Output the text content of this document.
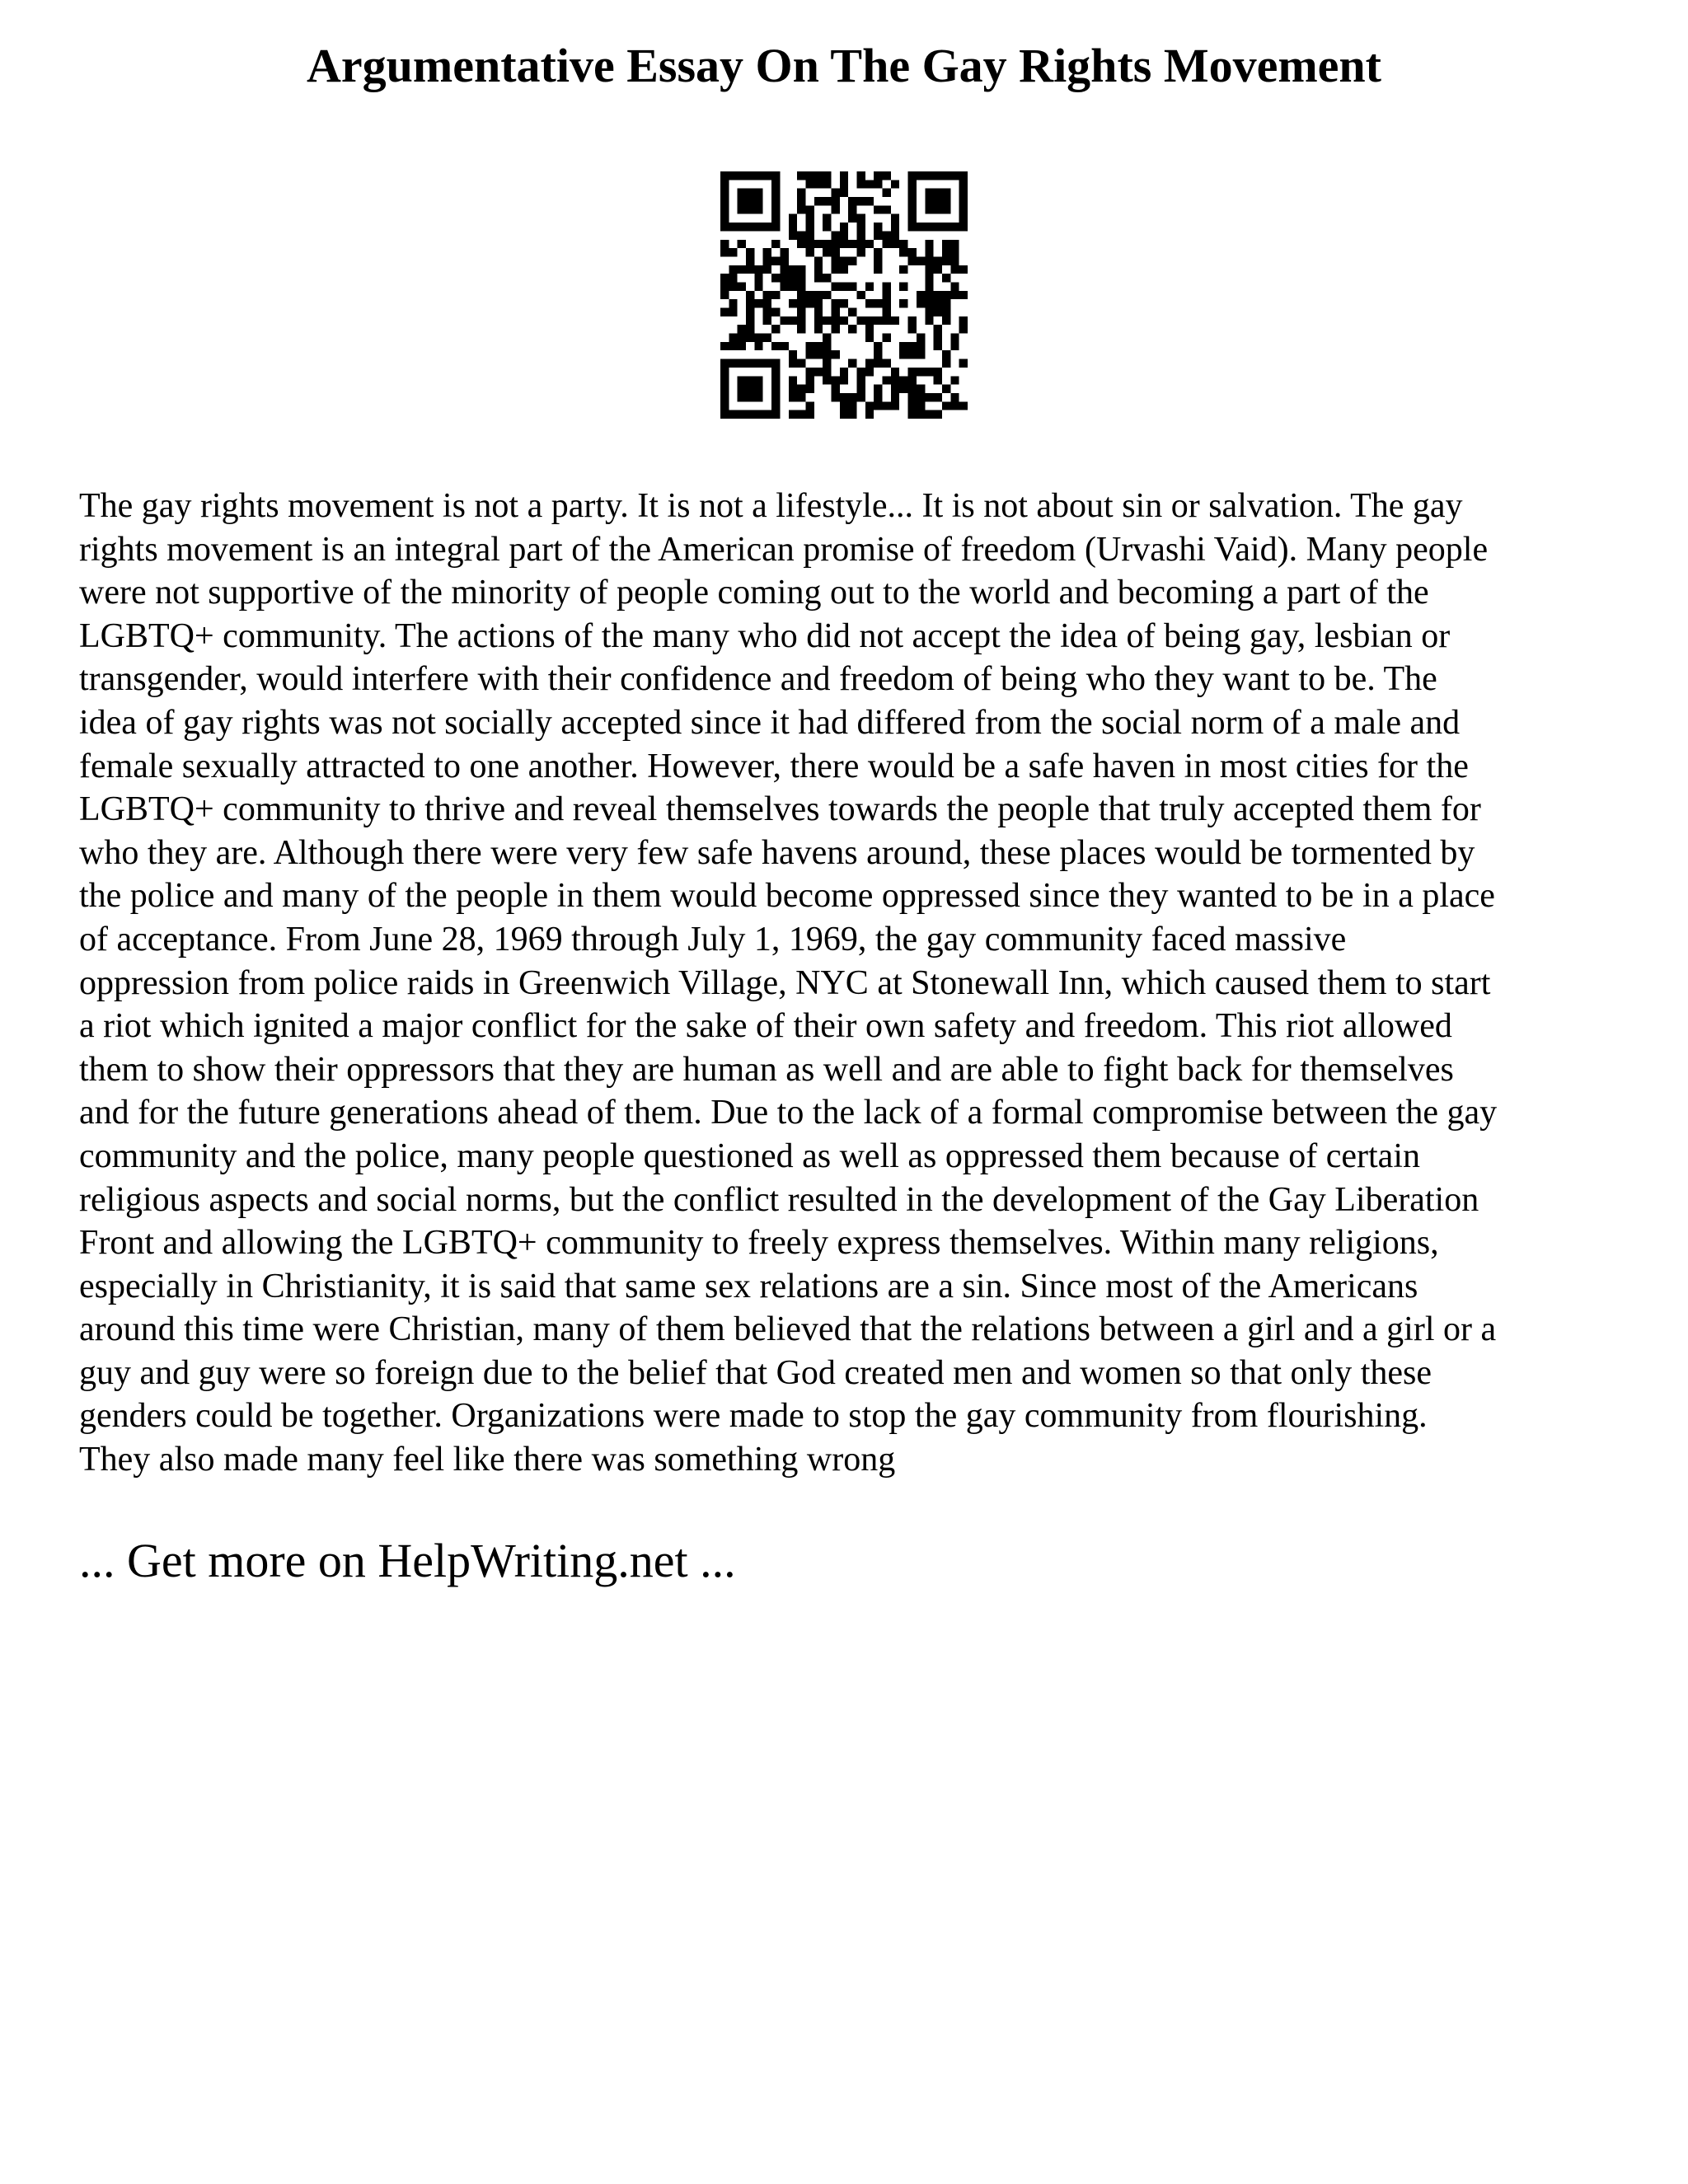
Argumentative Essay On The Gay Rights Movement
The gay rights movement is not a party. It is not a lifestyle... It is not about sin or salvation. The gay
rights movement is an integral part of the American promise of freedom (Urvashi Vaid). Many people
were not supportive of the minority of people coming out to the world and becoming a part of the
LGBTQ+ community. The actions of the many who did not accept the idea of being gay, lesbian or
transgender, would interfere with their confidence and freedom of being who they want to be. The
idea of gay rights was not socially accepted since it had differed from the social norm of a male and
female sexually attracted to one another. However, there would be a safe haven in most cities for the
LGBTQ+ community to thrive and reveal themselves towards the people that truly accepted them for
who they are. Although there were very few safe havens around, these places would be tormented by
the police and many of the people in them would become oppressed since they wanted to be in a place
of acceptance. From June 28, 1969 through July 1, 1969, the gay community faced massive
oppression from police raids in Greenwich Village, NYC at Stonewall Inn, which caused them to start
a riot which ignited a major conflict for the sake of their own safety and freedom. This riot allowed
them to show their oppressors that they are human as well and are able to fight back for themselves
and for the future generations ahead of them. Due to the lack of a formal compromise between the gay
community and the police, many people questioned as well as oppressed them because of certain
religious aspects and social norms, but the conflict resulted in the development of the Gay Liberation
Front and allowing the LGBTQ+ community to freely express themselves. Within many religions,
especially in Christianity, it is said that same sex relations are a sin. Since most of the Americans
around this time were Christian, many of them believed that the relations between a girl and a girl or a
guy and guy were so foreign due to the belief that God created men and women so that only these
genders could be together. Organizations were made to stop the gay community from flourishing.
They also made many feel like there was something wrong

... Get more on HelpWriting.net ...
